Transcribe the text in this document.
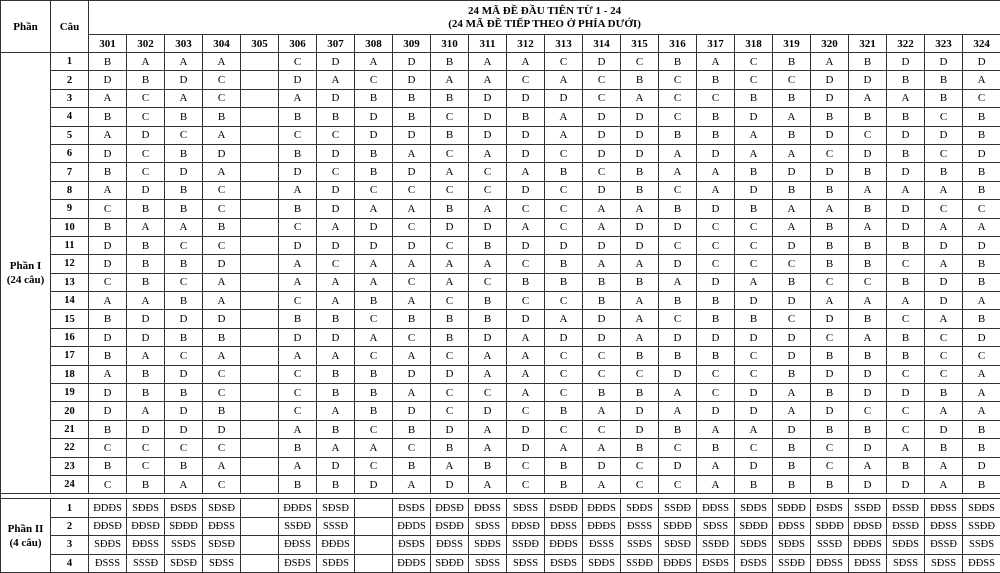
Phần	Câu	24 MÃ ĐỀ ĐẦU TIÊN TỪ 1 - 24
(24 MÃ ĐỀ TIẾP THEO Ở PHÍA DƯỚI)																							

		301	302	303	304	305	306	307	308	309	310	311	312	313	314	315	316	317	318	319	320	321	322	323	324

Phần I
(24 câu)	1	B	A	A	A		C	D	A	D	B	A	A	C	D	C	B	A	C	B	A	B	D	D	D
	2	D	B	D	C		D	A	C	D	A	A	C	A	C	B	C	B	C	C	D	D	B	B	A
	3	A	C	A	C		A	D	B	B	B	D	D	D	C	A	C	C	B	B	D	A	A	B	C
	4	B	C	B	B		B	B	D	B	C	D	B	A	D	D	C	B	D	A	B	B	B	C	B
	5	A	D	C	A		C	C	D	D	B	D	D	A	D	D	B	B	A	B	D	C	D	D	B
	6	D	C	B	D		B	D	B	A	C	A	D	C	D	D	A	D	A	A	C	D	B	C	D
	7	B	C	D	A		D	C	B	D	A	C	A	B	C	B	A	A	B	D	D	B	D	B	B
	8	A	D	B	C		A	D	C	C	C	C	D	C	D	B	C	A	D	B	B	A	A	A	B
	9	C	B	B	C		B	D	A	A	B	A	C	C	A	A	B	D	B	A	A	B	D	C	C
	10	B	A	A	B		C	A	D	C	D	D	A	C	A	D	D	C	C	A	B	A	D	A	A
	11	D	B	C	C		D	D	D	D	C	B	D	D	D	D	C	C	C	D	B	B	B	D	D
	12	D	B	B	D		A	C	A	A	A	A	C	B	A	A	D	C	C	C	B	B	C	A	B
	13	C	B	C	A		A	A	A	C	A	C	B	B	B	B	A	D	A	B	C	C	B	D	B
	14	A	A	B	A		C	A	B	A	C	B	C	C	B	A	B	B	D	D	A	A	A	D	A
	15	B	D	D	D		B	B	C	B	B	B	D	A	D	A	C	B	B	C	D	B	C	A	B
	16	D	D	B	B		D	D	A	C	B	D	A	D	D	A	D	D	D	D	C	A	B	C	D
	17	B	A	C	A		A	A	C	A	C	A	A	C	C	B	B	B	C	D	B	B	B	C	C
	18	A	B	D	C		C	B	B	D	D	A	A	C	C	C	D	C	C	B	D	D	C	C	A
	19	D	B	B	C		C	B	B	A	C	C	A	C	B	B	A	C	D	A	B	D	D	B	A
	20	D	A	D	B		C	A	B	D	C	D	C	B	A	D	A	D	D	A	D	C	C	A	A
	21	B	D	D	D		A	B	C	B	D	A	D	C	C	D	B	A	A	D	B	B	C	D	B
	22	C	C	C	C		B	A	A	C	B	A	D	A	A	B	C	B	C	B	C	D	A	B	B
	23	B	C	B	A		A	D	C	B	A	B	C	B	D	C	D	A	D	B	C	A	B	A	D
	24	C	B	A	C		B	B	D	A	D	A	C	B	A	C	C	A	B	B	B	D	D	A	B

Phần II
(4 câu)	1	ĐDĐS	SĐĐS	ĐSĐS	SĐSĐ		ĐĐĐS	SĐSĐ		ĐSĐS	ĐĐSĐ	ĐĐSS	SĐSS	ĐSĐĐ	ĐĐĐS	SĐĐS	SSĐĐ	ĐĐSS	SĐĐS	SĐĐĐ	ĐSĐS	SSĐĐ	ĐSSĐ	ĐĐSS	SĐĐS
	2	ĐĐSĐ	ĐĐSĐ	SĐĐĐ	ĐĐSS		SSĐĐ	SSSĐ		ĐĐDS	ĐSĐĐ	SĐSS	ĐĐSĐ	ĐĐSS	ĐĐĐS	ĐSSS	SĐĐĐ	SĐSS	SĐĐĐ	ĐĐSS	SĐĐĐ	ĐĐSĐ	ĐSSĐ	ĐĐSS	SSĐĐ
	3	SĐĐS	ĐĐSS	SSĐS	SĐSĐ		ĐĐSS	ĐĐĐS		ĐSĐS	ĐĐSS	SĐĐS	SSĐĐ	ĐĐĐS	ĐSSS	SSĐS	SĐSĐ	SSĐĐ	SĐĐS	SĐĐS	SSSĐ	ĐĐĐS	SĐĐS	ĐSSĐ	SSĐS
	4	ĐSSS	SSSĐ	SĐSĐ	SĐSS		ĐSĐS	SĐĐS		ĐĐĐS	SĐĐĐ	SĐSS	SĐSS	ĐSĐS	SĐĐS	SSĐĐ	ĐĐĐS	ĐSĐS	ĐSĐS	SSĐĐ	ĐĐSS	ĐĐSS	SĐSS	SĐSS	ĐĐSS
